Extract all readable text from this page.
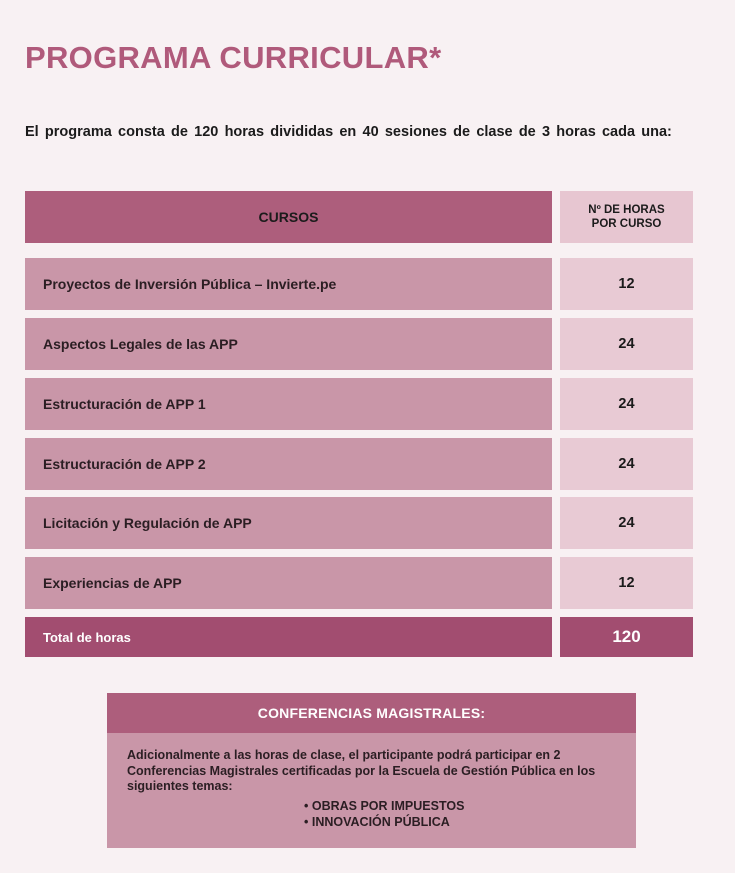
PROGRAMA CURRICULAR*
El programa consta de 120 horas divididas en 40 sesiones de clase de 3 horas cada una:
CURSOS	Nº DE HORAS
POR CURSO
Proyectos de Inversión Pública – Invierte.pe	12
Aspectos Legales de las APP	24
Estructuración de APP 1	24
Estructuración de APP 2	24
Licitación y Regulación de APP	24
Experiencias de APP	12
Total de horas	120
CONFERENCIAS MAGISTRALES:
Adicionalmente a las horas de clase, el participante podrá participar en 2 Conferencias Magistrales certificadas por la Escuela de Gestión Pública en los siguientes temas:
• OBRAS POR IMPUESTOS
• INNOVACIÓN PÚBLICA
